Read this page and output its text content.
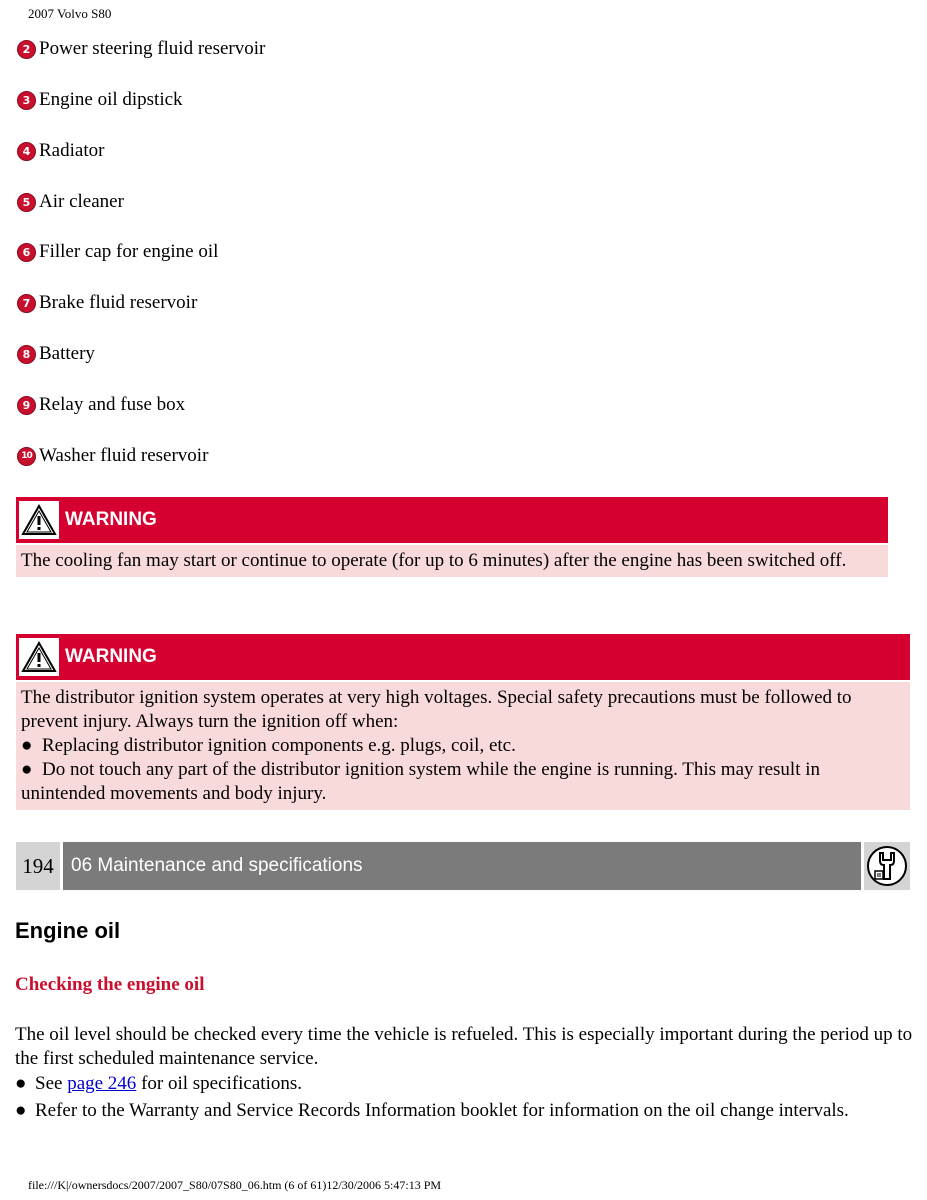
2007 Volvo S80
2 Power steering fluid reservoir
3 Engine oil dipstick
4 Radiator
5 Air cleaner
6 Filler cap for engine oil
7 Brake fluid reservoir
8 Battery
9 Relay and fuse box
10 Washer fluid reservoir
WARNING
The cooling fan may start or continue to operate (for up to 6 minutes) after the engine has been switched off.
WARNING
The distributor ignition system operates at very high voltages. Special safety precautions must be followed to prevent injury. Always turn the ignition off when:
●  Replacing distributor ignition components e.g. plugs, coil, etc.
●  Do not touch any part of the distributor ignition system while the engine is running. This may result in unintended movements and body injury.
194 06 Maintenance and specifications
Engine oil
Checking the engine oil
The oil level should be checked every time the vehicle is refueled. This is especially important during the period up to the first scheduled maintenance service.
● See page 246 for oil specifications.
● Refer to the Warranty and Service Records Information booklet for information on the oil change intervals.
file:///K|/ownersdocs/2007/2007_S80/07S80_06.htm (6 of 61)12/30/2006 5:47:13 PM
